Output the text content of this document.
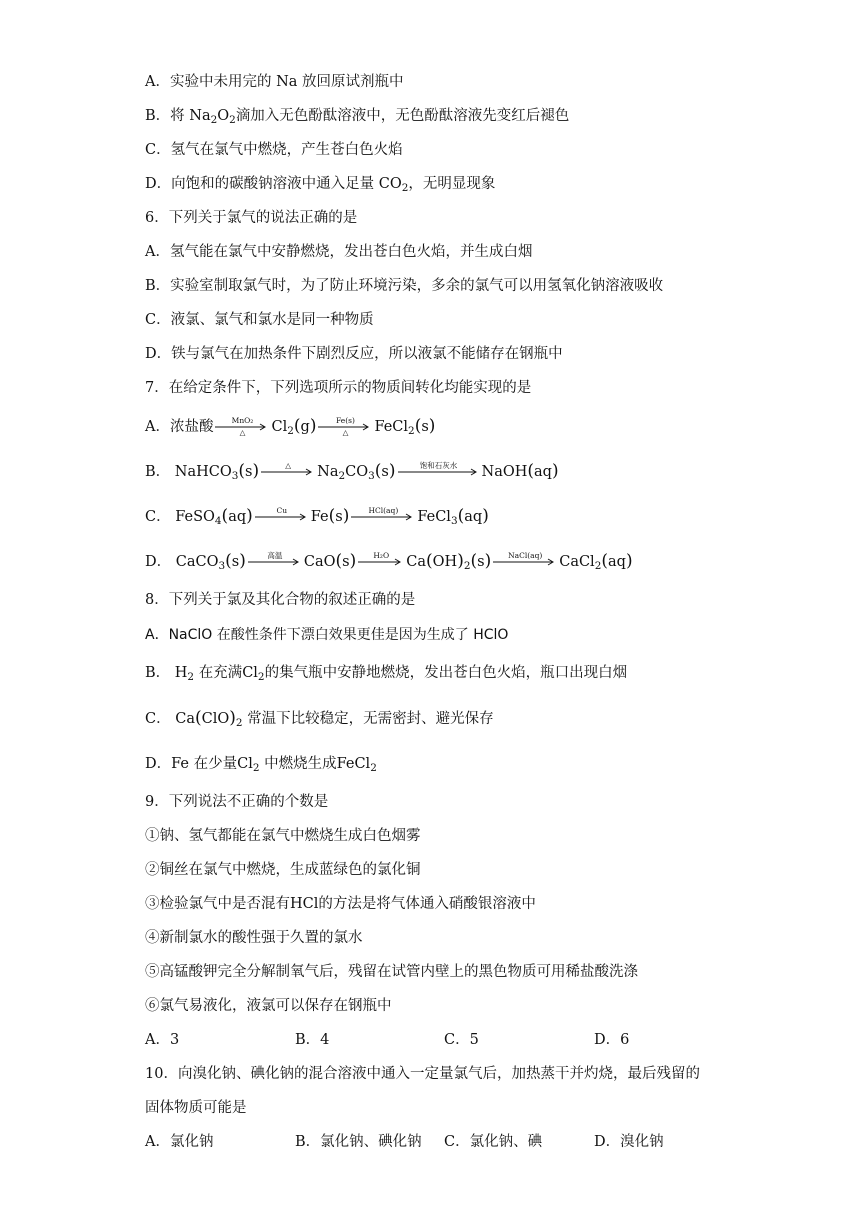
A．实验中未用完的 Na 放回原试剂瓶中
B．将 $Na_2O_2$滴加入无色酚酞溶液中，无色酚酞溶液先变红后褪色
C．氢气在氯气中燃烧，产生苍白色火焰
D．向饱和的碳酸钠溶液中通入足量 $CO_2$，无明显现象
6．下列关于氯气的说法正确的是
A．氢气能在氯气中安静燃烧，发出苍白色火焰，并生成白烟
B．实验室制取氯气时，为了防止环境污染，多余的氯气可以用氢氧化钠溶液吸收
C．液氯、氯气和氯水是同一种物质
D．铁与氯气在加热条件下剧烈反应，所以液氯不能储存在钢瓶中
7．在给定条件下，下列选项所示的物质间转化均能实现的是
A．浓盐酸	MnO₂
△	$Cl_2(g)$	Fe(s)
△	FeCl$_2$(s)
B． NaHCO$_3$(s)	△	$Na_2CO_3(s)$	饱和石灰水	NaOH(aq)
C． FeSO$_4$(aq)	Cu	Fe(s)	HCl(aq)	FeCl$_3$(aq)
D． CaCO$_3$(s)	高温	CaO(s)	H₂O	$Ca(OH)_2(s)$	NaCl(aq)	CaCl$_2$(aq)
8．下列关于氯及其化合物的叙述正确的是
A．NaClO 在酸性条件下漂白效果更佳是因为生成了 HClO
B． $H_2$ 在充满$Cl_2$的集气瓶中安静地燃烧，发出苍白色火焰，瓶口出现白烟
C． $Ca(ClO)_2$ 常温下比较稳定，无需密封、避光保存
D．Fe 在少量$Cl_2$ 中燃烧生成FeCl$_2$
9．下列说法不正确的个数是
①钠、氢气都能在氯气中燃烧生成白色烟雾
②铜丝在氯气中燃烧，生成蓝绿色的氯化铜
③检验氯气中是否混有HCl的方法是将气体通入硝酸银溶液中
④新制氯水的酸性强于久置的氯水
⑤高锰酸钾完全分解制氧气后，残留在试管内壁上的黑色物质可用稀盐酸洗涤
⑥氯气易液化，液氯可以保存在钢瓶中
A．3	B．4	C．5	D．6
10．向溴化钠、碘化钠的混合溶液中通入一定量氯气后，加热蒸干并灼烧，最后残留的
固体物质可能是
A．氯化钠	B．氯化钠、碘化钠 C．氯化钠、碘	D．溴化钠
